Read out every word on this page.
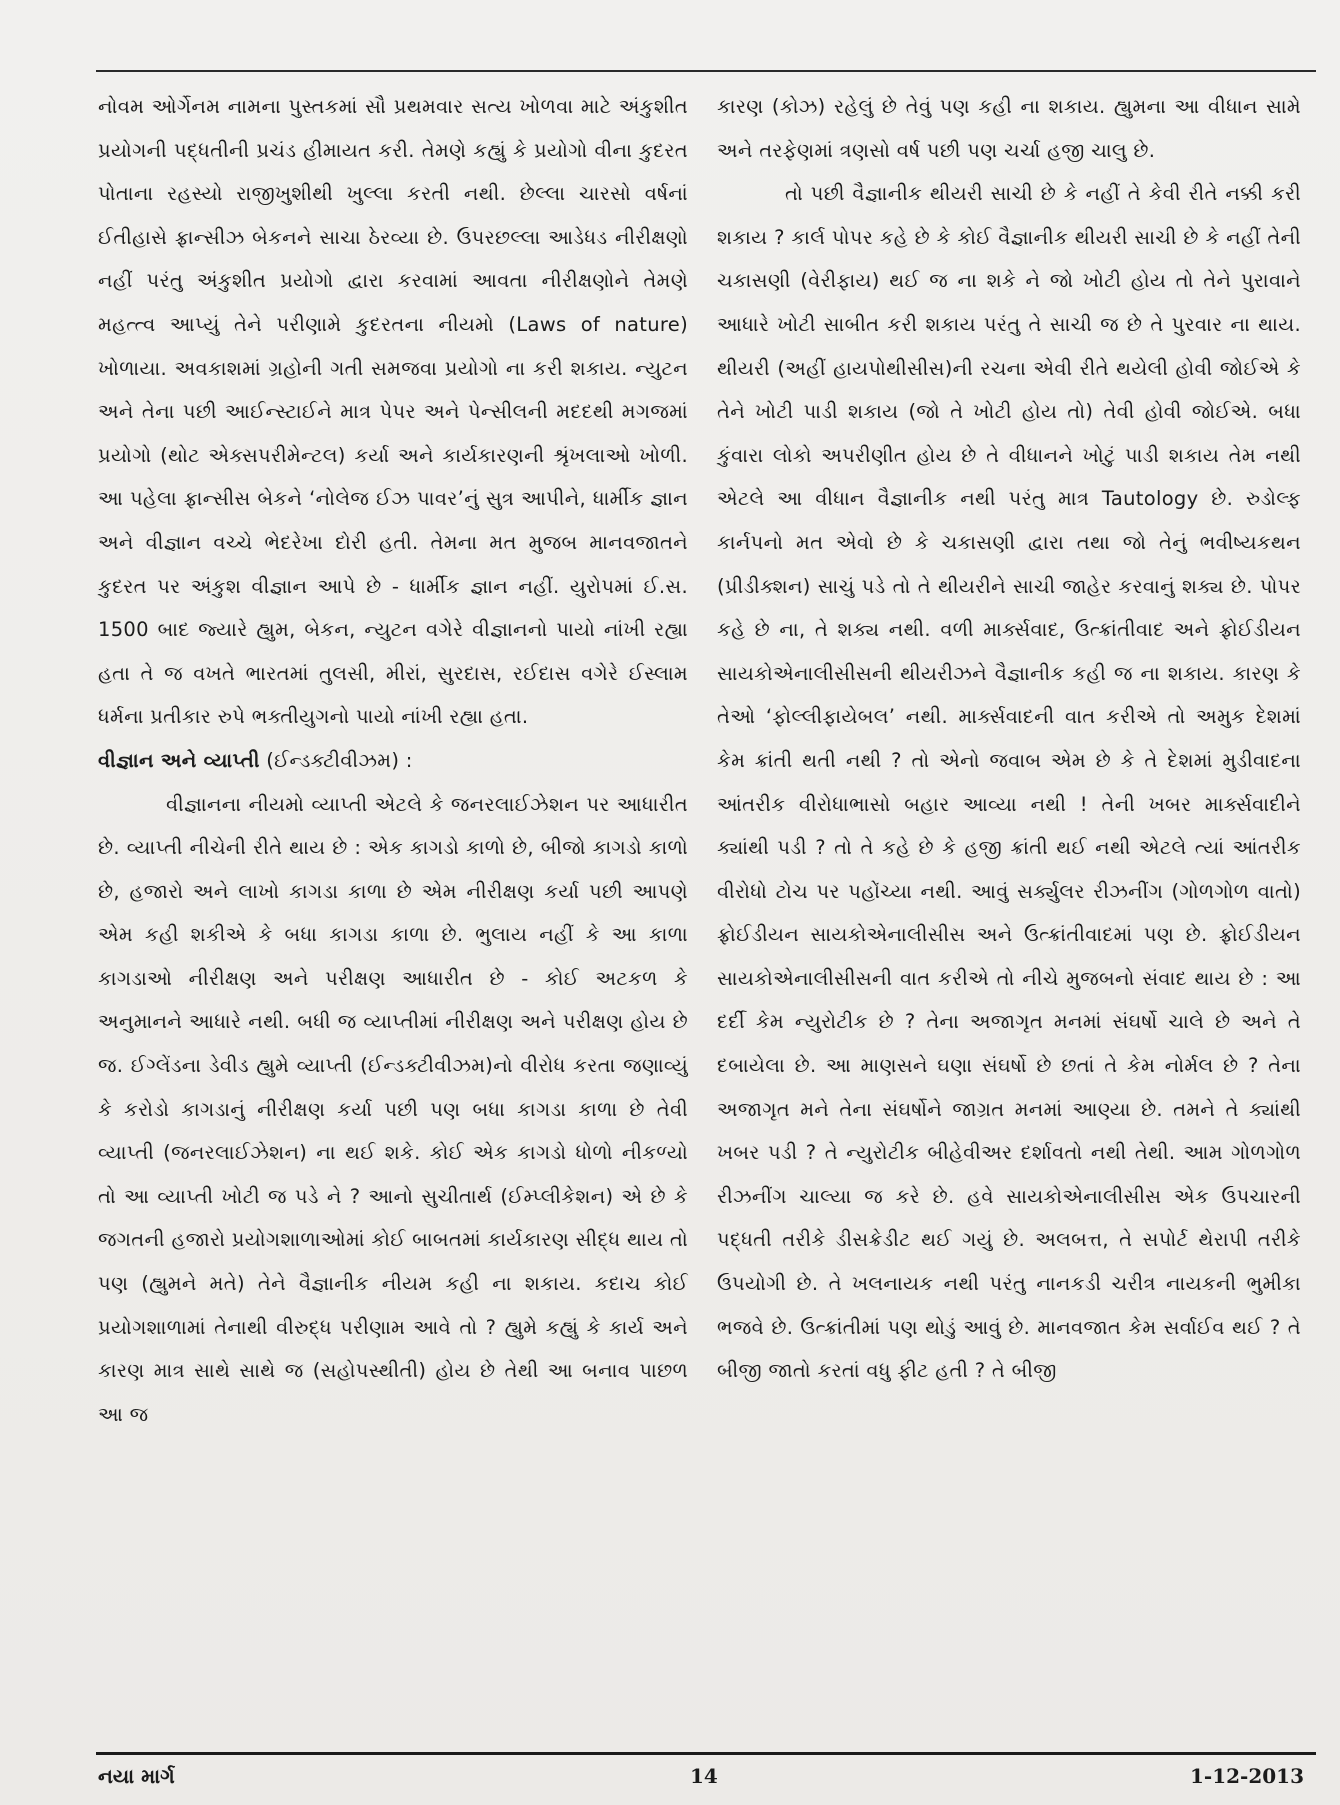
નોવમ ઓર્ગેનમ નામના પુસ્તકમાં સૌ પ્રથમવાર સત્ય ખોળવા માટે અંકુશીત પ્રયોગની પદ્ધતીની પ્રચંડ હીમાયત કરી. તેમણે કહ્યું કે પ્રયોગો વીના કુદરત પોતાના રહસ્યો રાજીખુશીથી ખુલ્લા કરતી નથી. છેલ્લા ચારસો વર્ષનાં ઈતીહાસે ફ્રાન્સીઝ બેકનને સાચા ઠેરવ્યા છે. ઉપરછલ્લા આડેધડ નીરીક્ષણો નહીં પરંતુ અંકુશીત પ્રયોગો દ્વારા કરવામાં આવતા નીરીક્ષણોને તેમણે મહત્ત્વ આપ્યું તેને પરીણામે કુદરતના નીયમો (Laws of nature) ખોળાયા. અવકાશમાં ગ્રહોની ગતી સમજવા પ્રયોગો ના કરી શકાય. ન્યુટન અને તેના પછી આઈન્સ્ટાઈને માત્ર પેપર અને પેન્સીલની મદદથી મગજમાં પ્રયોગો (થોટ એક્સપરીમેન્ટલ) કર્યા અને કાર્યકારણની શ્રૃંખલાઓ ખોળી. આ પહેલા ફ્રાન્સીસ બેકને ‘નોલેજ ઈઝ પાવર’નું સુત્ર આપીને, ધાર્મીક જ્ઞાન અને વીજ્ઞાન વચ્ચે ભેદરેખા દોરી હતી. તેમના મત મુજબ માનવજાતને કુદરત પર અંકુશ વીજ્ઞાન આપે છે - ધાર્મીક જ્ઞાન નહીં. યુરોપમાં ઈ.સ. 1500 બાદ જ્યારે હ્યુમ, બેકન, ન્યુટન વગેરે વીજ્ઞાનનો પાયો નાંખી રહ્યા હતા તે જ વખતે ભારતમાં તુલસી, મીરાં, સુરદાસ, રઈદાસ વગેરે ઈસ્લામ ધર્મના પ્રતીકાર રુપે ભક્તીયુગનો પાયો નાંખી રહ્યા હતા.

વીજ્ઞાન અને વ્યાપ્તી (ઈન્ડક્ટીવીઝમ) :

વીજ્ઞાનના નીયમો વ્યાપ્તી એટલે કે જનરલાઈઝેશન પર આધારીત છે. વ્યાપ્તી નીચેની રીતે થાય છે : એક કાગડો કાળો છે, બીજો કાગડો કાળો છે, હજારો અને લાખો કાગડા કાળા છે એમ નીરીક્ષણ કર્યા પછી આપણે એમ કહી શકીએ કે બધા કાગડા કાળા છે. ભુલાય નહીં કે આ કાળા કાગડાઓ નીરીક્ષણ અને પરીક્ષણ આધારીત છે - કોઈ અટકળ કે અનુમાનને આધારે નથી. બધી જ વ્યાપ્તીમાં નીરીક્ષણ અને પરીક્ષણ હોય છે જ. ઈગ્લેંડના ડેવીડ હ્યુમે વ્યાપ્તી (ઈન્ડક્ટીવીઝમ)નો વીરોધ કરતા જણાવ્યું કે કરોડો કાગડાનું નીરીક્ષણ કર્યા પછી પણ બધા કાગડા કાળા છે તેવી વ્યાપ્તી (જનરલાઈઝેશન) ના થઈ શકે. કોઈ એક કાગડો ધોળો નીકળ્યો તો આ વ્યાપ્તી ખોટી જ પડે ને ? આનો સુચીતાર્થ (ઈમ્પ્લીકેશન) એ છે કે જગતની હજારો પ્રયોગશાળાઓમાં કોઈ બાબતમાં કાર્યકારણ સીદ્ધ થાય તો પણ (હ્યુમને મતે) તેને વૈજ્ઞાનીક નીયમ કહી ના શકાય. કદાચ કોઈ પ્રયોગશાળામાં તેનાથી વીરુદ્ધ પરીણામ આવે તો ? હ્યુમે કહ્યું કે કાર્ય અને કારણ માત્ર સાથે સાથે જ (સહોપસ્થીતી) હોય છે તેથી આ બનાવ પાછળ આ જ

કારણ (કોઝ) રહેલું છે તેવું પણ કહી ના શકાય. હ્યુમના આ વીધાન સામે અને તરફેણમાં ત્રણસો વર્ષ પછી પણ ચર્ચા હજી ચાલુ છે.

તો પછી વૈજ્ઞાનીક થીયરી સાચી છે કે નહીં તે કેવી રીતે નક્કી કરી શકાય ? કાર્લ પોપર કહે છે કે કોઈ વૈજ્ઞાનીક થીયરી સાચી છે કે નહીં તેની ચકાસણી (વેરીફાય) થઈ જ ના શકે ને જો ખોટી હોય તો તેને પુરાવાને આધારે ખોટી સાબીત કરી શકાય પરંતુ તે સાચી જ છે તે પુરવાર ના થાય. થીયરી (અહીં હાયપોથીસીસ)ની રચના એવી રીતે થયેલી હોવી જોઈએ કે તેને ખોટી પાડી શકાય (જો તે ખોટી હોય તો) તેવી હોવી જોઈએ. બધા કુંવારા લોકો અપરીણીત હોય છે તે વીધાનને ખોટું પાડી શકાય તેમ નથી એટલે આ વીધાન વૈજ્ઞાનીક નથી પરંતુ માત્ર Tautology છે. રુડોલ્ફ કાર્નપનો મત એવો છે કે ચકાસણી દ્વારા તથા જો તેનું ભવીષ્યકથન (પ્રીડીક્શન) સાચું પડે તો તે થીયરીને સાચી જાહેર કરવાનું શક્ય છે. પોપર કહે છે ના, તે શક્ય નથી. વળી માર્ક્સવાદ, ઉત્ક્રાંતીવાદ અને ફ્રોઈડીયન સાયકોએનાલીસીસની થીયરીઝને વૈજ્ઞાનીક કહી જ ના શકાય. કારણ કે તેઓ ‘ફોલ્લીફાયેબલ’ નથી. માર્ક્સવાદની વાત કરીએ તો અમુક દેશમાં કેમ ક્રાંતી થતી નથી ? તો એનો જવાબ એમ છે કે તે દેશમાં મુડીવાદના આંતરીક વીરોધાભાસો બહાર આવ્યા નથી ! તેની ખબર માર્ક્સવાદીને ક્યાંથી પડી ? તો તે કહે છે કે હજી ક્રાંતી થઈ નથી એટલે ત્યાં આંતરીક વીરોધો ટોચ પર પહોંચ્યા નથી. આવું સર્ક્યુલર રીઝનીંગ (ગોળગોળ વાતો) ફ્રોઈડીયન સાયકોએનાલીસીસ અને ઉત્ક્રાંતીવાદમાં પણ છે. ફ્રોઈડીયન સાયકોએનાલીસીસની વાત કરીએ તો નીચે મુજબનો સંવાદ થાય છે : આ દર્દી કેમ ન્યુરોટીક છે ? તેના અજાગૃત મનમાં સંઘર્ષો ચાલે છે અને તે દબાયેલા છે. આ માણસને ઘણા સંઘર્ષો છે છતાં તે કેમ નોર્મલ છે ? તેના અજાગૃત મને તેના સંઘર્ષોને જાગ્રત મનમાં આણ્યા છે. તમને તે ક્યાંથી ખબર પડી ? તે ન્યુરોટીક બીહેવીઅર દર્શાવતો નથી તેથી. આમ ગોળગોળ રીઝનીંગ ચાલ્યા જ કરે છે. હવે સાયકોએનાલીસીસ એક ઉપચારની પદ્ધતી તરીકે ડીસક્રેડીટ થઈ ગયું છે. અલબત્ત, તે સપોર્ટ થેરાપી તરીકે ઉપયોગી છે. તે ખલનાયક નથી પરંતુ નાનકડી ચરીત્ર નાયકની ભુમીકા ભજવે છે. ઉત્ક્રાંતીમાં પણ થોડું આવું છે. માનવજાત કેમ સર્વાઈવ થઈ ? તે બીજી જાતો કરતાં વધુ ફીટ હતી ? તે બીજી

નયા માર્ગ	14	1-12-2013
